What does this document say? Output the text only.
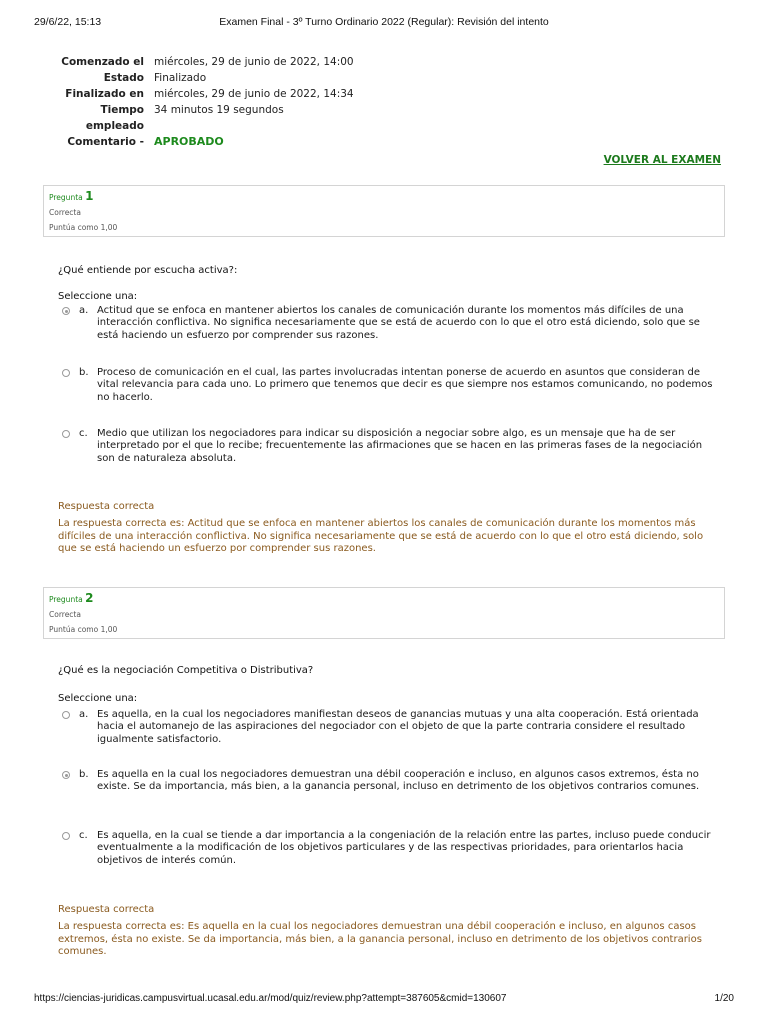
29/6/22, 15:13	Examen Final - 3º Turno Ordinario 2022 (Regular): Revisión del intento
Comenzado el miércoles, 29 de junio de 2022, 14:00
Estado Finalizado
Finalizado en miércoles, 29 de junio de 2022, 14:34
Tiempo
empleado
34 minutos 19 segundos
Comentario - APROBADO
VOLVER AL EXAMEN
Pregunta 1
Correcta
Puntúa como 1,00
¿Qué entiende por escucha activa?:
Seleccione una:
a. Actitud que se enfoca en mantener abiertos los canales de comunicación durante los momentos más difíciles de una interacción conflictiva. No significa necesariamente que se está de acuerdo con lo que el otro está diciendo, solo que se está haciendo un esfuerzo por comprender sus razones.
b. Proceso de comunicación en el cual, las partes involucradas intentan ponerse de acuerdo en asuntos que consideran de vital relevancia para cada uno. Lo primero que tenemos que decir es que siempre nos estamos comunicando, no podemos no hacerlo.
c. Medio que utilizan los negociadores para indicar su disposición a negociar sobre algo, es un mensaje que ha de ser interpretado por el que lo recibe; frecuentemente las afirmaciones que se hacen en las primeras fases de la negociación son de naturaleza absoluta.
Respuesta correcta
La respuesta correcta es: Actitud que se enfoca en mantener abiertos los canales de comunicación durante los momentos más difíciles de una interacción conflictiva. No significa necesariamente que se está de acuerdo con lo que el otro está diciendo, solo que se está haciendo un esfuerzo por comprender sus razones.
Pregunta 2
Correcta
Puntúa como 1,00
¿Qué es la negociación Competitiva o Distributiva?
Seleccione una:
a. Es aquella, en la cual los negociadores manifiestan deseos de ganancias mutuas y una alta cooperación. Está orientada hacia el automanejo de las aspiraciones del negociador con el objeto de que la parte contraria considere el resultado igualmente satisfactorio.
b. Es aquella en la cual los negociadores demuestran una débil cooperación e incluso, en algunos casos extremos, ésta no existe. Se da importancia, más bien, a la ganancia personal, incluso en detrimento de los objetivos contrarios comunes.
c. Es aquella, en la cual se tiende a dar importancia a la congeniación de la relación entre las partes, incluso puede conducir eventualmente a la modificación de los objetivos particulares y de las respectivas prioridades, para orientarlos hacia objetivos de interés común.
Respuesta correcta
La respuesta correcta es: Es aquella en la cual los negociadores demuestran una débil cooperación e incluso, en algunos casos extremos, ésta no existe. Se da importancia, más bien, a la ganancia personal, incluso en detrimento de los objetivos contrarios comunes.
https://ciencias-juridicas.campusvirtual.ucasal.edu.ar/mod/quiz/review.php?attempt=387605&cmid=130607	1/20
